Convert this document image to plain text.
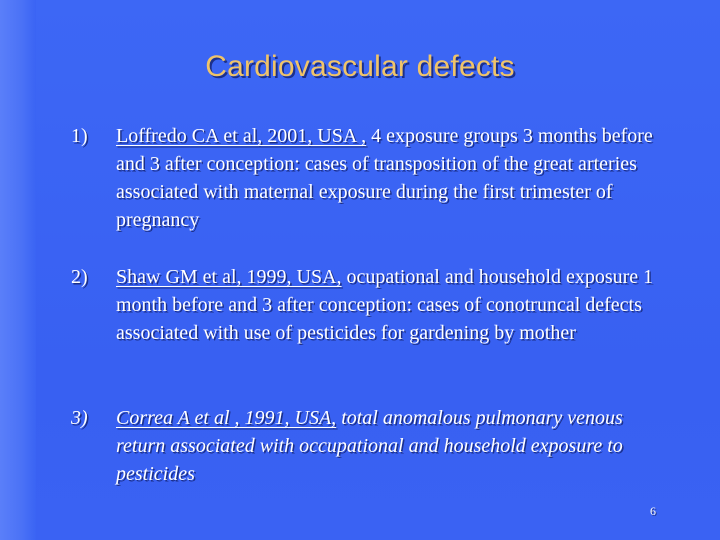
Cardiovascular defects
1) Loffredo CA et al, 2001, USA , 4 exposure groups 3 months before and 3 after conception: cases of transposition of the great arteries associated with maternal exposure during the first trimester of pregnancy
2) Shaw GM et al, 1999, USA, ocupational and household exposure 1 month before and 3 after conception: cases of conotruncal defects associated with use of pesticides for gardening by mother
3) Correa A et al , 1991, USA, total anomalous pulmonary venous return associated with occupational and household exposure to pesticides
6
